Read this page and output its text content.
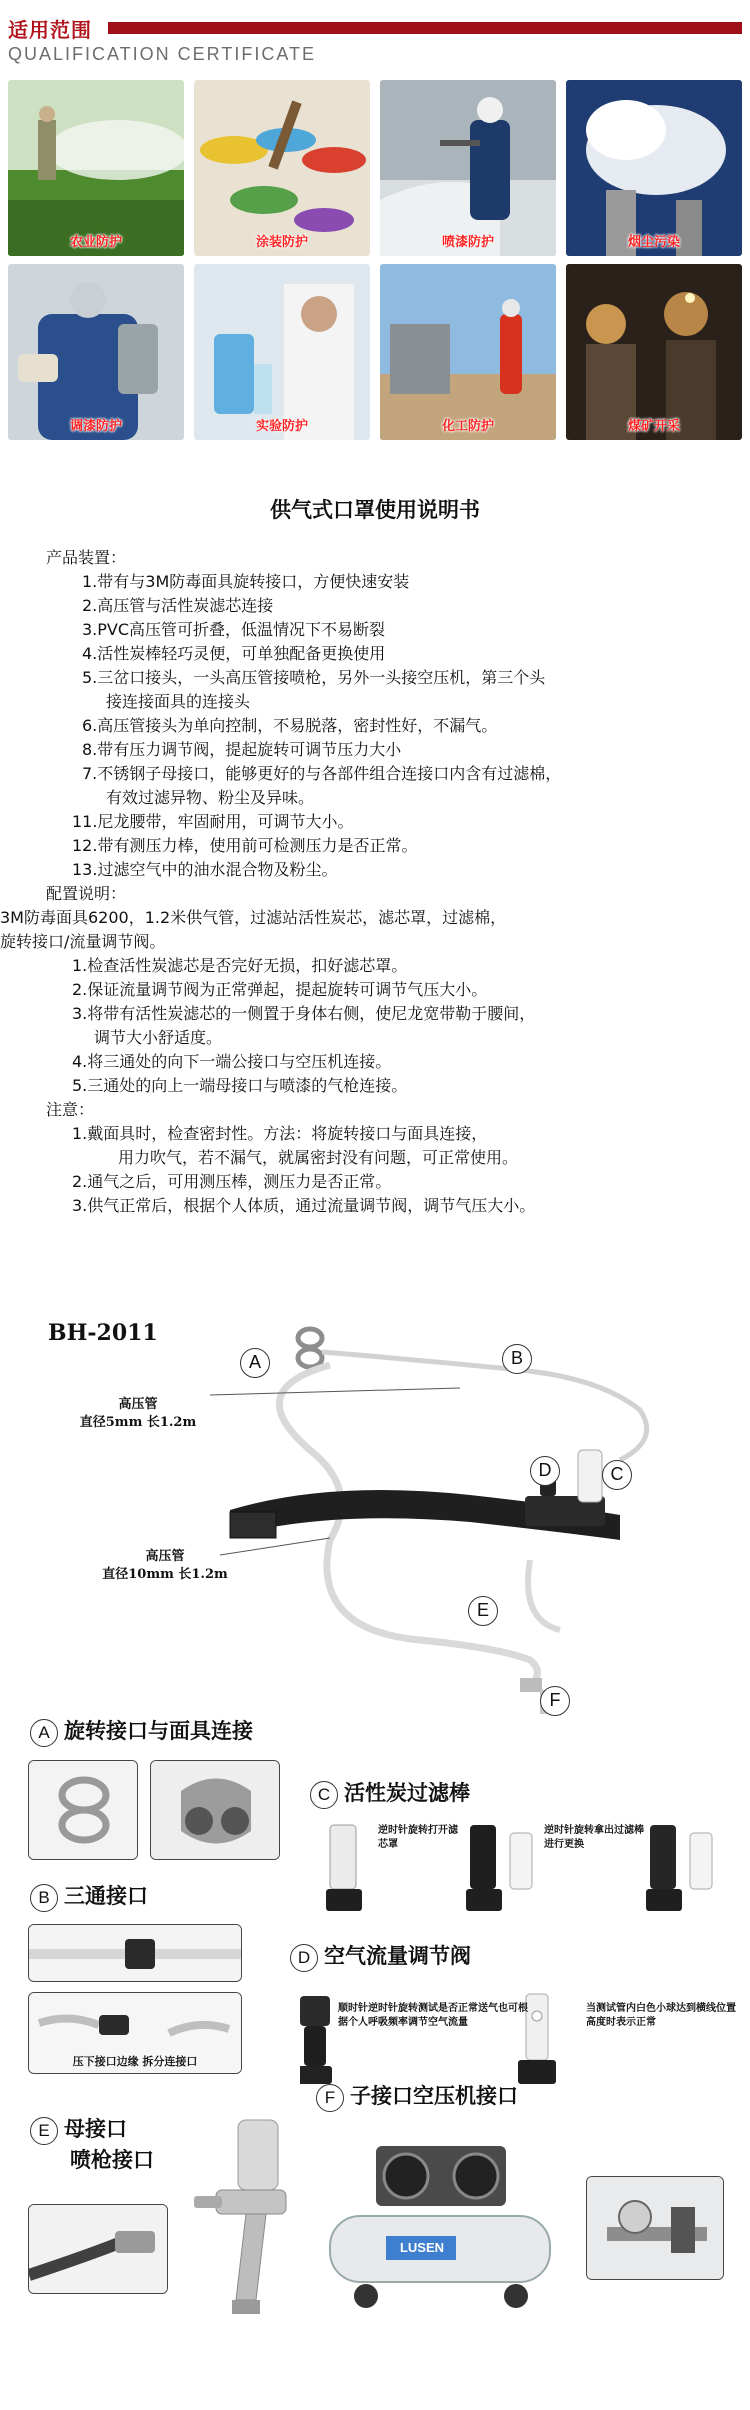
适用范围
QUALIFICATION CERTIFICATE
农业防护	涂装防护	喷漆防护	烟尘污染
调漆防护	实验防护	化工防护	煤矿开采
供气式口罩使用说明书
产品装置：
1.带有与3M防毒面具旋转接口，方便快速安装
2.高压管与活性炭滤芯连接
3.PVC高压管可折叠，低温情况下不易断裂
4.活性炭棒轻巧灵便，可单独配备更换使用
5.三岔口接头，一头高压管接喷枪，另外一头接空压机，第三个头
接连接面具的连接头
6.高压管接头为单向控制，不易脱落，密封性好，不漏气。
8.带有压力调节阀，提起旋转可调节压力大小
7.不锈钢子母接口，能够更好的与各部件组合连接口内含有过滤棉，
有效过滤异物、粉尘及异味。
11.尼龙腰带，牢固耐用，可调节大小。
12.带有测压力棒，使用前可检测压力是否正常。
13.过滤空气中的油水混合物及粉尘。
配置说明：
3M防毒面具6200，1.2米供气管，过滤站活性炭芯，滤芯罩，过滤棉，
旋转接口/流量调节阀。
1.检查活性炭滤芯是否完好无损，扣好滤芯罩。
2.保证流量调节阀为正常弹起，提起旋转可调节气压大小。
3.将带有活性炭滤芯的一侧置于身体右侧，使尼龙宽带勒于腰间，
调节大小舒适度。
4.将三通处的向下一端公接口与空压机连接。
5.三通处的向上一端母接口与喷漆的气枪连接。
注意：
1.戴面具时，检查密封性。方法：将旋转接口与面具连接，
用力吹气，若不漏气，就属密封没有问题，可正常使用。
2.通气之后，可用测压棒，测压力是否正常。
3.供气正常后，根据个人体质，通过流量调节阀，调节气压大小。
BH-2011
A	B
C
D
E
F
高压管
直径5mm 长1.2m
高压管
直径10mm 长1.2m
A 旋转接口与面具连接
B 三通接口
压下接口边缘 拆分连接口
C 活性炭过滤棒
逆时针旋转打开滤芯罩
逆时针旋转拿出过滤棒进行更换
D 空气流量调节阀
顺时针逆时针旋转测试是否正常送气也可根据个人呼吸频率调节空气流量
当测试管内白色小球达到横线位置高度时表示正常
E 母接口
喷枪接口
F 子接口空压机接口
LUSEN
